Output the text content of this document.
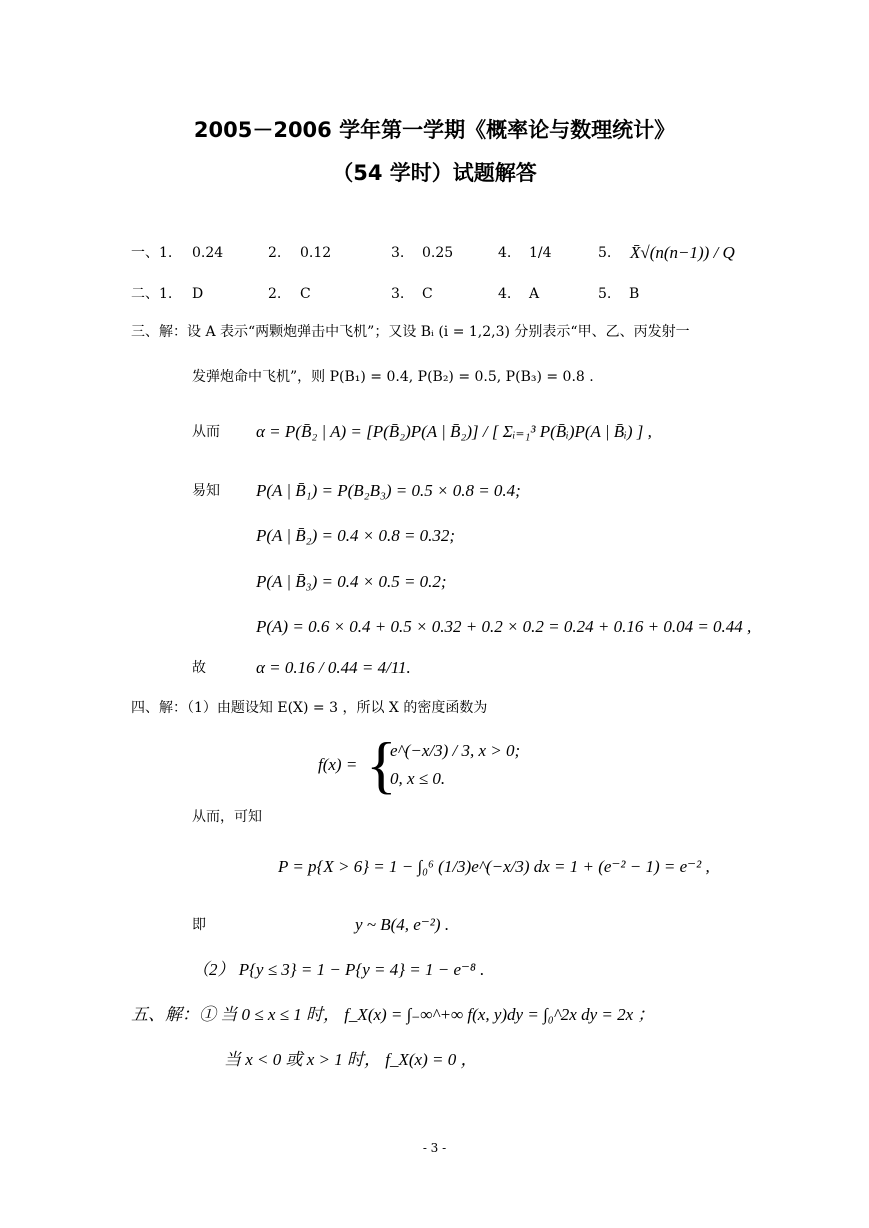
2005－2006 学年第一学期《概率论与数理统计》
（54 学时）试题解答
一、1. 0.24	2. 0.12	3. 0.25	4. 1/4	5. X̄√(n(n−1)) / Q
二、1. D	2. C	3. C	4. A	5. B
三、解：设 A 表示“两颗炮弹击中飞机”；又设 Bᵢ (i = 1,2,3) 分别表示“甲、乙、丙发射一
发弹炮命中飞机”，则 P(B₁) = 0.4, P(B₂) = 0.5, P(B₃) = 0.8 .
从而 α = P(B̄₂ | A) = [P(B̄₂)P(A | B̄₂)] / [ Σᵢ₌₁³ P(B̄ᵢ)P(A | B̄ᵢ) ] ,
易知 P(A | B̄₁) = P(B₂B₃) = 0.5 × 0.8 = 0.4;
P(A | B̄₂) = 0.4 × 0.8 = 0.32;
P(A | B̄₃) = 0.4 × 0.5 = 0.2;
P(A) = 0.6 × 0.4 + 0.5 × 0.32 + 0.2 × 0.2 = 0.24 + 0.16 + 0.04 = 0.44 ,
故	α = 0.16 / 0.44 = 4/11.
四、解：（1）由题设知 E(X) = 3 ，所以 X 的密度函数为
f(x) = {
e^(−x/3) / 3, x > 0;
0, x ≤ 0.
从而，可知
P = p{X > 6} = 1 − ∫₀⁶ (1/3)e^(−x/3) dx = 1 + (e⁻² − 1) = e⁻² ,
即	y ~ B(4, e⁻²) .
（2） P{y ≤ 3} = 1 − P{y = 4} = 1 − e⁻⁸ .
五、解：① 当 0 ≤ x ≤ 1 时， f_X(x) = ∫₋∞^+∞ f(x, y)dy = ∫₀^2x dy = 2x ；
当 x < 0 或 x > 1 时， f_X(x) = 0 ，
- 3 -
